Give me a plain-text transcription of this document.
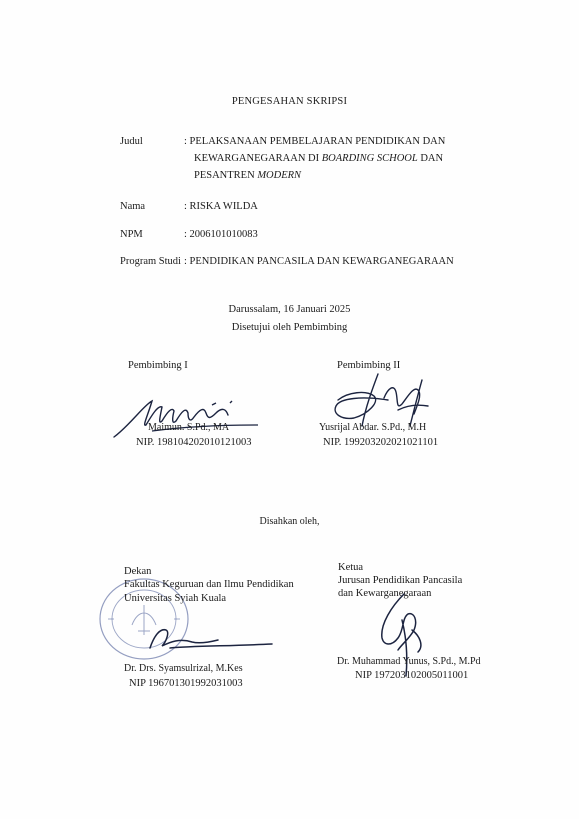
PENGESAHAN SKRIPSI
Judul	: PELAKSANAAN PEMBELAJARAN PENDIDIKAN DAN
KEWARGANEGARAAN DI BOARDING SCHOOL DAN
PESANTREN MODERN
Nama	: RISKA WILDA
NPM	: 2006101010083
Program Studi : PENDIDIKAN PANCASILA DAN KEWARGANEGARAAN
Darussalam, 16 Januari 2025
Disetujui oleh Pembimbing
Pembimbing I
Maimun. S.Pd., MA
NIP. 198104202010121003
Pembimbing II
Yusrijal Abdar. S.Pd., M.H
NIP. 199203202021021101
Disahkan oleh,
Dekan
Fakultas Keguruan dan Ilmu Pendidikan
Universitas Syiah Kuala
Dr. Drs. Syamsulrizal, M.Kes
NIP 196701301992031003
Ketua
Jurusan Pendidikan Pancasila
dan Kewarganegaraan
Dr. Muhammad Yunus, S.Pd., M.Pd
NIP 197203102005011001
